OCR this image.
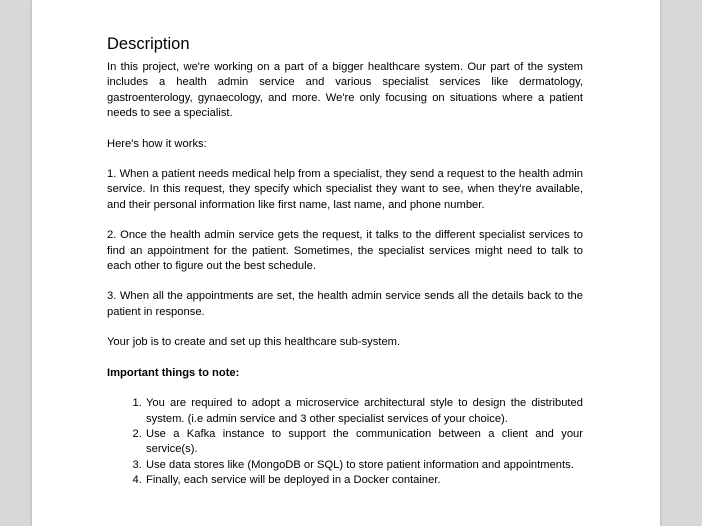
Description

In this project, we're working on a part of a bigger healthcare system. Our part of the system includes a health admin service and various specialist services like dermatology, gastroenterology, gynaecology, and more. We're only focusing on situations where a patient needs to see a specialist.

Here's how it works:

1. When a patient needs medical help from a specialist, they send a request to the health admin service. In this request, they specify which specialist they want to see, when they're available, and their personal information like first name, last name, and phone number.

2. Once the health admin service gets the request, it talks to the different specialist services to find an appointment for the patient. Sometimes, the specialist services might need to talk to each other to figure out the best schedule.

3. When all the appointments are set, the health admin service sends all the details back to the patient in response.

Your job is to create and set up this healthcare sub-system.

Important things to note:

1. You are required to adopt a microservice architectural style to design the distributed system. (i.e admin service and 3 other specialist services of your choice).
2. Use a Kafka instance to support the communication between a client and your service(s).
3. Use data stores like (MongoDB or SQL) to store patient information and appointments.
4. Finally, each service will be deployed in a Docker container.
